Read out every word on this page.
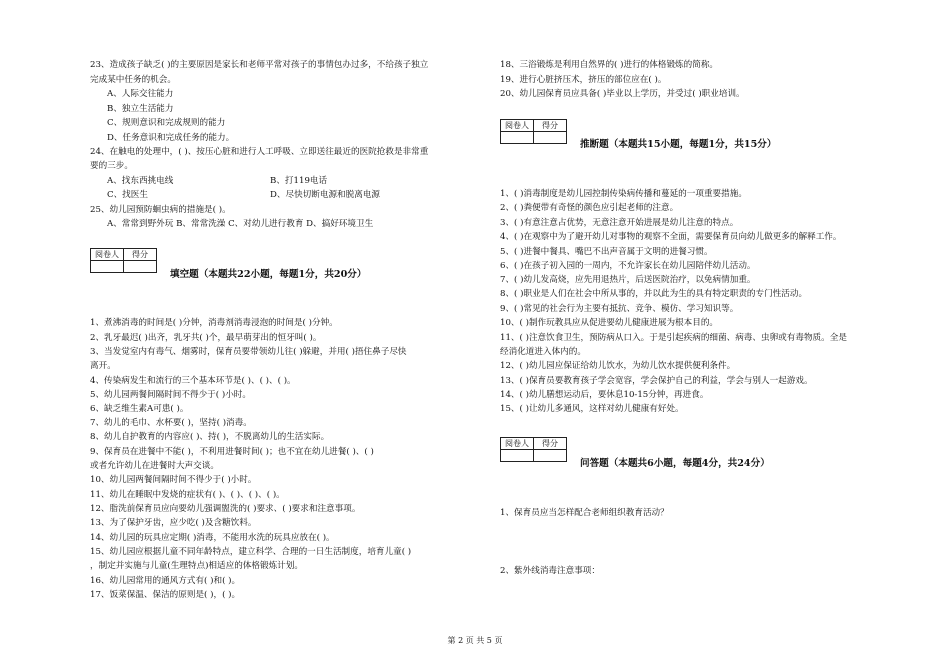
23、造成孩子缺乏( )的主要原因是家长和老师平常对孩子的事情包办过多，不给孩子独立
完成某中任务的机会。
A、人际交往能力
B、独立生活能力
C、规则意识和完成规则的能力
D、任务意识和完成任务的能力。
24、在触电的处理中，( )、按压心脏和进行人工呼吸、立即送往最近的医院抢救是非常重
要的三步。
A、找东西挑电线	B、打119电话
C、找医生	D、尽快切断电源和脱离电源
25、幼儿园预防蛔虫病的措施是( )。
A、常常到野外玩 B、常常洗澡 C、对幼儿进行教育 D、搞好环境卫生
阅卷人	得分

填空题（本题共22小题，每题1分，共20分）
1、煮沸消毒的时间是( )分钟，消毒剂消毒浸泡的时间是( )分钟。
2、乳牙最迟( )出齐，乳牙共( )个，最早萌芽出的恒牙叫( )。
3、当发觉室内有毒气、烟雾时，保育员要带领幼儿往( )躲避，并用( )捂住鼻子尽快
离开。
4、传染病发生和流行的三个基本环节是( )、( )、( )。
5、幼儿园两餐间隔时间不得少于( )小时。
6、缺乏维生素A可患( )。
7、幼儿的毛巾、水杯要( )，坚持( )消毒。
8、幼儿自护教育的内容应( )、持( )，不脱离幼儿的生活实际。
9、保育员在进餐中不能( )，不利用进餐时间( )；也不宜在幼儿进餐( )、( )
或者允许幼儿在进餐时大声交谈。
10、幼儿园两餐间隔时间不得少于( )小时。
11、幼儿在睡眠中发烧的症状有( )、( )、( )、( )。
12、脂洗前保育员应向要幼儿强调盥洗的( )要求、( )要求和注意事项。
13、为了保护牙齿，应少吃( )及含糖饮料。
14、幼儿园的玩具应定期( )消毒，不能用水洗的玩具应放在( )。
15、幼儿园应根据儿童不同年龄特点，建立科学、合理的一日生活制度，培育儿童( )
，制定并实施与儿童(生理特点)相适应的体格锻炼计划。
16、幼儿园常用的通风方式有( )和( )。
17、饭菜保温、保洁的原则是( )，( )。
18、三浴锻炼是利用自然界的( )进行的体格锻炼的简称。
19、进行心脏挤压术，挤压的部位应在( )。
20、幼儿园保育员应具备( )毕业以上学历，并受过( )职业培训。
阅卷人	得分

推断题（本题共15小题，每题1分，共15分）
1、( )消毒制度是幼儿园控制传染病传播和蔓延的一项重要措施。
2、( )粪便带有奇怪的颜色应引起老师的注意。
3、( )有意注意占优势，无意注意开始进展是幼儿注意的特点。
4、( )在观察中为了避开幼儿对事物的观察不全面，需要保育员向幼儿做更多的解释工作。
5、( )进餐中餐具、嘴巴不出声音属于文明的进餐习惯。
6、( )在孩子初入园的一周内，不允许家长在幼儿园陪伴幼儿活动。
7、( )幼儿发高烧，应先用退热片，后送医院治疗，以免病情加重。
8、( )职业是人们在社会中所从事的，并以此为生的具有特定职责的专门性活动。
9、( )常见的社会行为主要有抵抗、竞争、模仿、学习知识等。
10、( )制作玩教具应从促进要幼儿健康进展为根本目的。
11、( )注意饮食卫生，预防病从口入。于是引起疾病的细菌、病毒、虫卵或有毒物质。全是
经消化道进入体内的。
12、( )幼儿园应保证给幼儿饮水，为幼儿饮水提供便利条件。
13、( )保育员要教育孩子学会宽容，学会保护自己的利益，学会与别人一起游戏。
14、( )幼儿膳想运动后，要休息10-15分钟，再进食。
15、( )让幼儿多通风，这样对幼儿健康有好处。
阅卷人	得分

问答题（本题共6小题，每题4分，共24分）
1、保育员应当怎样配合老师组织教育活动？
2、紫外线消毒注意事项：
第 2 页 共 5 页
